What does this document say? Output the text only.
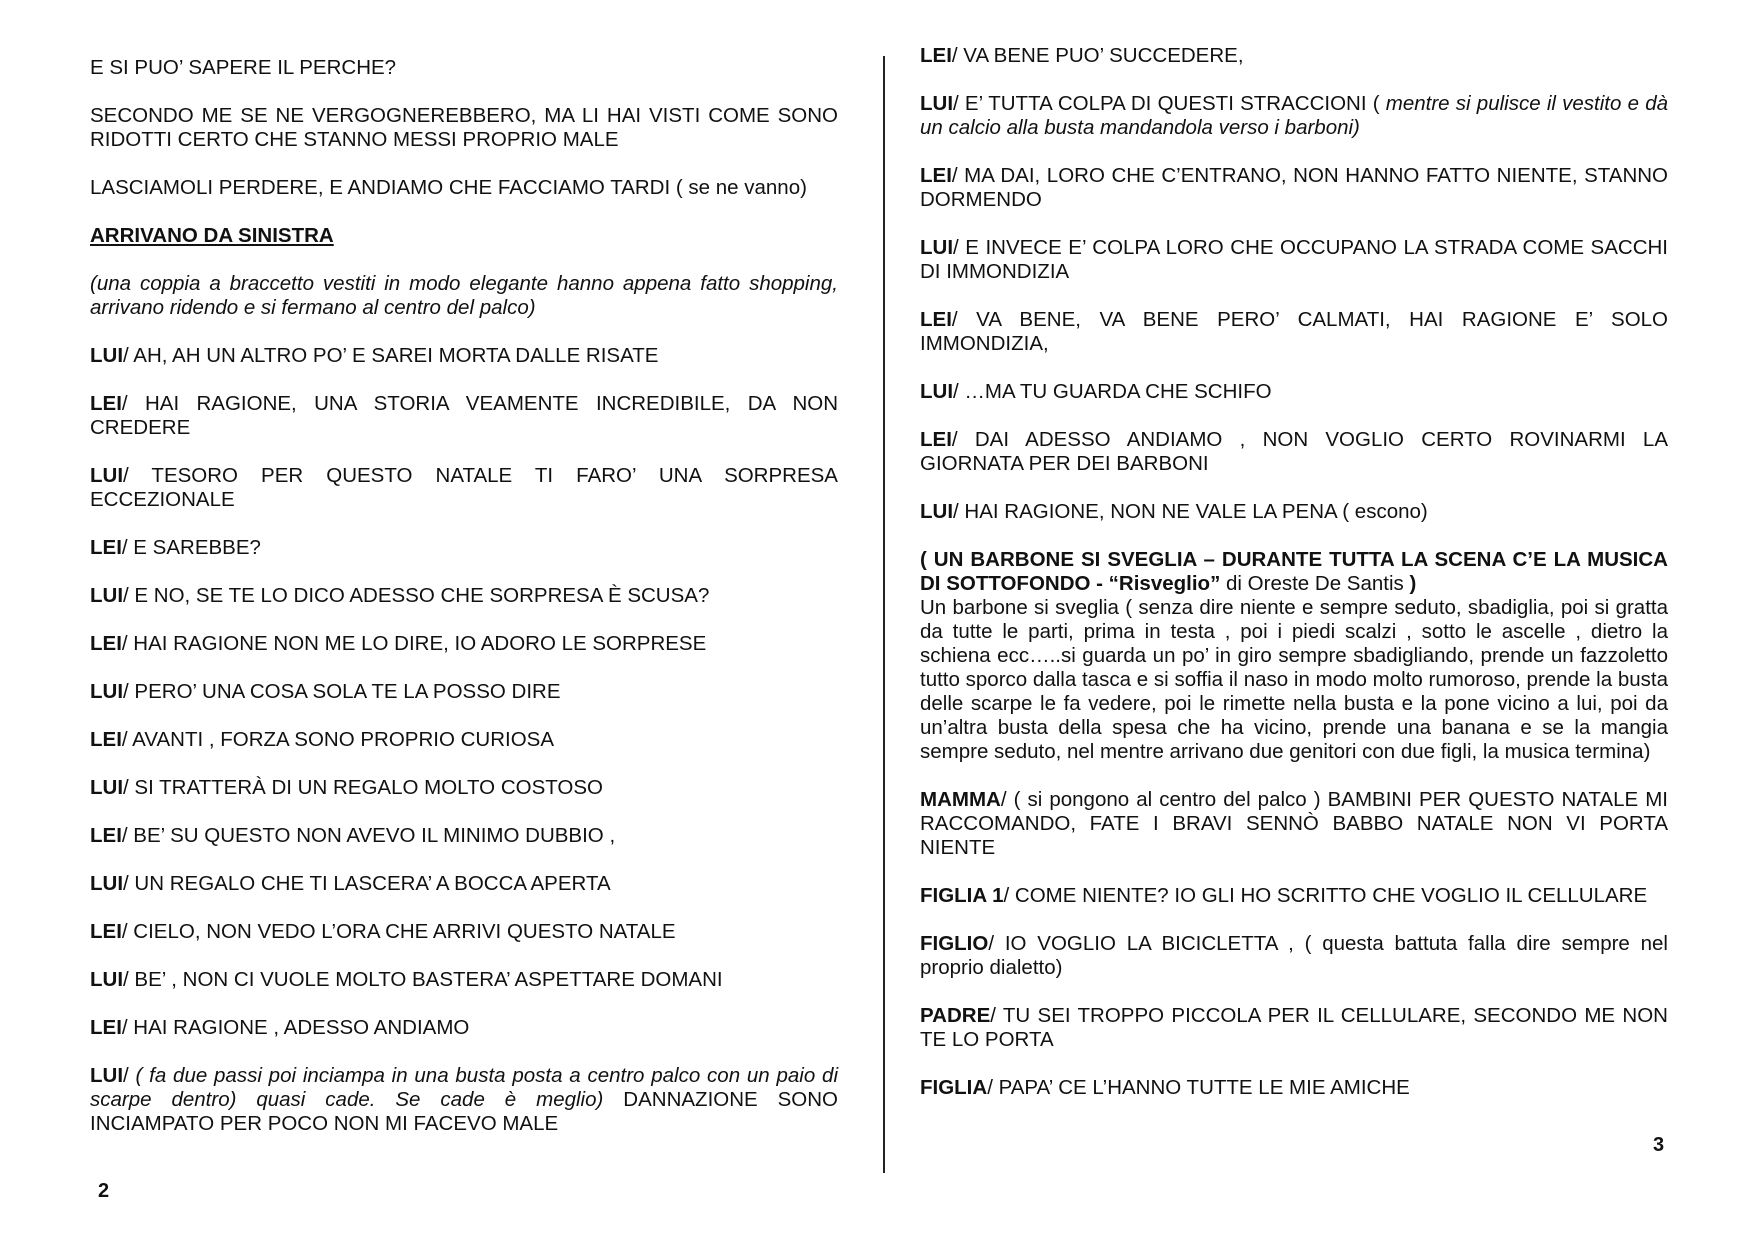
E SI PUO’ SAPERE IL PERCHE?
SECONDO ME SE NE VERGOGNEREBBERO, MA LI HAI VISTI COME SONO RIDOTTI CERTO CHE STANNO MESSI PROPRIO MALE
LASCIAMOLI PERDERE, E ANDIAMO CHE FACCIAMO TARDI ( se ne vanno)
ARRIVANO DA SINISTRA
(una coppia a braccetto vestiti in modo elegante hanno appena fatto shopping, arrivano ridendo e si fermano al centro del palco)
LUI/ AH, AH UN ALTRO PO’ E SAREI MORTA DALLE RISATE
LEI/ HAI RAGIONE, UNA STORIA VEAMENTE INCREDIBILE, DA NON CREDERE
LUI/ TESORO PER QUESTO NATALE TI FARO’ UNA SORPRESA ECCEZIONALE
LEI/ E SAREBBE?
LUI/ E NO, SE TE LO DICO ADESSO CHE SORPRESA È SCUSA?
LEI/ HAI RAGIONE NON ME LO DIRE, IO ADORO LE SORPRESE
LUI/ PERO’ UNA COSA SOLA TE LA POSSO DIRE
LEI/ AVANTI , FORZA SONO PROPRIO CURIOSA
LUI/ SI TRATTERÀ DI UN REGALO MOLTO COSTOSO
LEI/ BE’ SU QUESTO NON AVEVO IL MINIMO DUBBIO ,
LUI/ UN REGALO CHE TI LASCERA’ A BOCCA APERTA
LEI/ CIELO, NON VEDO L’ORA CHE ARRIVI QUESTO NATALE
LUI/ BE’ , NON CI VUOLE MOLTO BASTERA’ ASPETTARE DOMANI
LEI/ HAI RAGIONE , ADESSO ANDIAMO
LUI/ ( fa due passi poi inciampa in una busta posta a centro palco con un paio di scarpe dentro) quasi cade. Se cade è meglio) DANNAZIONE SONO INCIAMPATO PER POCO NON MI FACEVO MALE
2
LEI/ VA BENE PUO’ SUCCEDERE,
LUI/ E’ TUTTA COLPA DI QUESTI STRACCIONI ( mentre si pulisce il vestito e dà un calcio alla busta mandandola verso i barboni)
LEI/ MA DAI, LORO CHE C’ENTRANO, NON HANNO FATTO NIENTE, STANNO DORMENDO
LUI/ E INVECE E’ COLPA LORO CHE OCCUPANO LA STRADA COME SACCHI DI IMMONDIZIA
LEI/ VA BENE, VA BENE PERO’ CALMATI, HAI RAGIONE E’ SOLO IMMONDIZIA,
LUI/ …MA TU GUARDA CHE SCHIFO
LEI/ DAI ADESSO ANDIAMO , NON VOGLIO CERTO ROVINARMI LA GIORNATA PER DEI BARBONI
LUI/ HAI RAGIONE, NON NE VALE LA PENA ( escono)
( UN BARBONE SI SVEGLIA – DURANTE TUTTA LA SCENA C’E LA MUSICA DI SOTTOFONDO - “Risveglio” di Oreste De Santis )
Un barbone si sveglia ( senza dire niente e sempre seduto, sbadiglia, poi si gratta da tutte le parti, prima in testa , poi i piedi scalzi , sotto le ascelle , dietro la schiena ecc…..si guarda un po’ in giro sempre sbadigliando, prende un fazzoletto tutto sporco dalla tasca e si soffia il naso in modo molto rumoroso, prende la busta delle scarpe le fa vedere, poi le rimette nella busta e la pone vicino a lui, poi da un’altra busta della spesa che ha vicino, prende una banana e se la mangia sempre seduto, nel mentre arrivano due genitori con due figli, la musica termina)
MAMMA/ ( si pongono al centro del palco ) BAMBINI PER QUESTO NATALE MI RACCOMANDO, FATE I BRAVI SENNÒ BABBO NATALE NON VI PORTA NIENTE
FIGLIA 1/ COME NIENTE? IO GLI HO SCRITTO CHE VOGLIO IL CELLULARE
FIGLIO/ IO VOGLIO LA BICICLETTA , ( questa battuta falla dire sempre nel proprio dialetto)
PADRE/ TU SEI TROPPO PICCOLA PER IL CELLULARE, SECONDO ME NON TE LO PORTA
FIGLIA/ PAPA’ CE L’HANNO TUTTE LE MIE AMICHE
3
